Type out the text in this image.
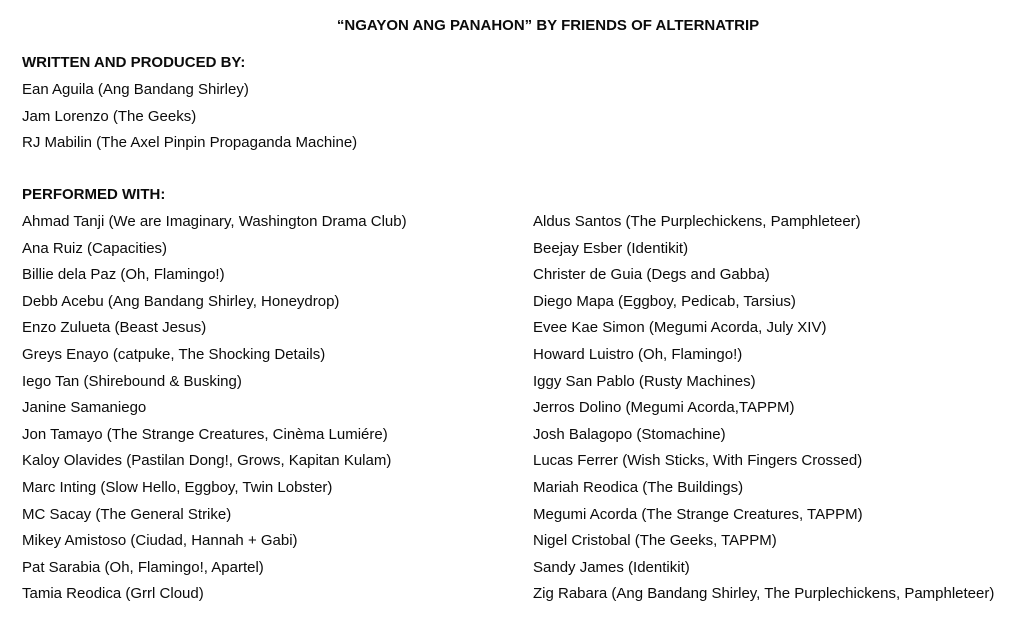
“NGAYON ANG PANAHON” BY FRIENDS OF ALTERNATRIP
WRITTEN AND PRODUCED BY:
Ean Aguila (Ang Bandang Shirley)
Jam Lorenzo (The Geeks)
RJ Mabilin (The Axel Pinpin Propaganda Machine)
PERFORMED WITH:
Ahmad Tanji (We are Imaginary, Washington Drama Club)
Ana Ruiz (Capacities)
Billie dela Paz (Oh, Flamingo!)
Debb Acebu (Ang Bandang Shirley, Honeydrop)
Enzo Zulueta (Beast Jesus)
Greys Enayo (catpuke, The Shocking Details)
Iego Tan (Shirebound & Busking)
Janine Samaniego
Jon Tamayo (The Strange Creatures, Cinèma Lumiére)
Kaloy Olavides (Pastilan Dong!, Grows, Kapitan Kulam)
Marc Inting (Slow Hello, Eggboy, Twin Lobster)
MC Sacay (The General Strike)
Mikey Amistoso (Ciudad, Hannah + Gabi)
Pat Sarabia (Oh, Flamingo!, Apartel)
Tamia Reodica (Grrl Cloud)
Aldus Santos (The Purplechickens, Pamphleteer)
Beejay Esber (Identikit)
Christer de Guia (Degs and Gabba)
Diego Mapa (Eggboy, Pedicab, Tarsius)
Evee Kae Simon (Megumi Acorda, July XIV)
Howard Luistro (Oh, Flamingo!)
Iggy San Pablo (Rusty Machines)
Jerros Dolino (Megumi Acorda,TAPPM)
Josh Balagopo (Stomachine)
Lucas Ferrer (Wish Sticks, With Fingers Crossed)
Mariah Reodica (The Buildings)
Megumi Acorda (The Strange Creatures, TAPPM)
Nigel Cristobal (The Geeks, TAPPM)
Sandy James (Identikit)
Zig Rabara (Ang Bandang Shirley, The Purplechickens, Pamphleteer)
